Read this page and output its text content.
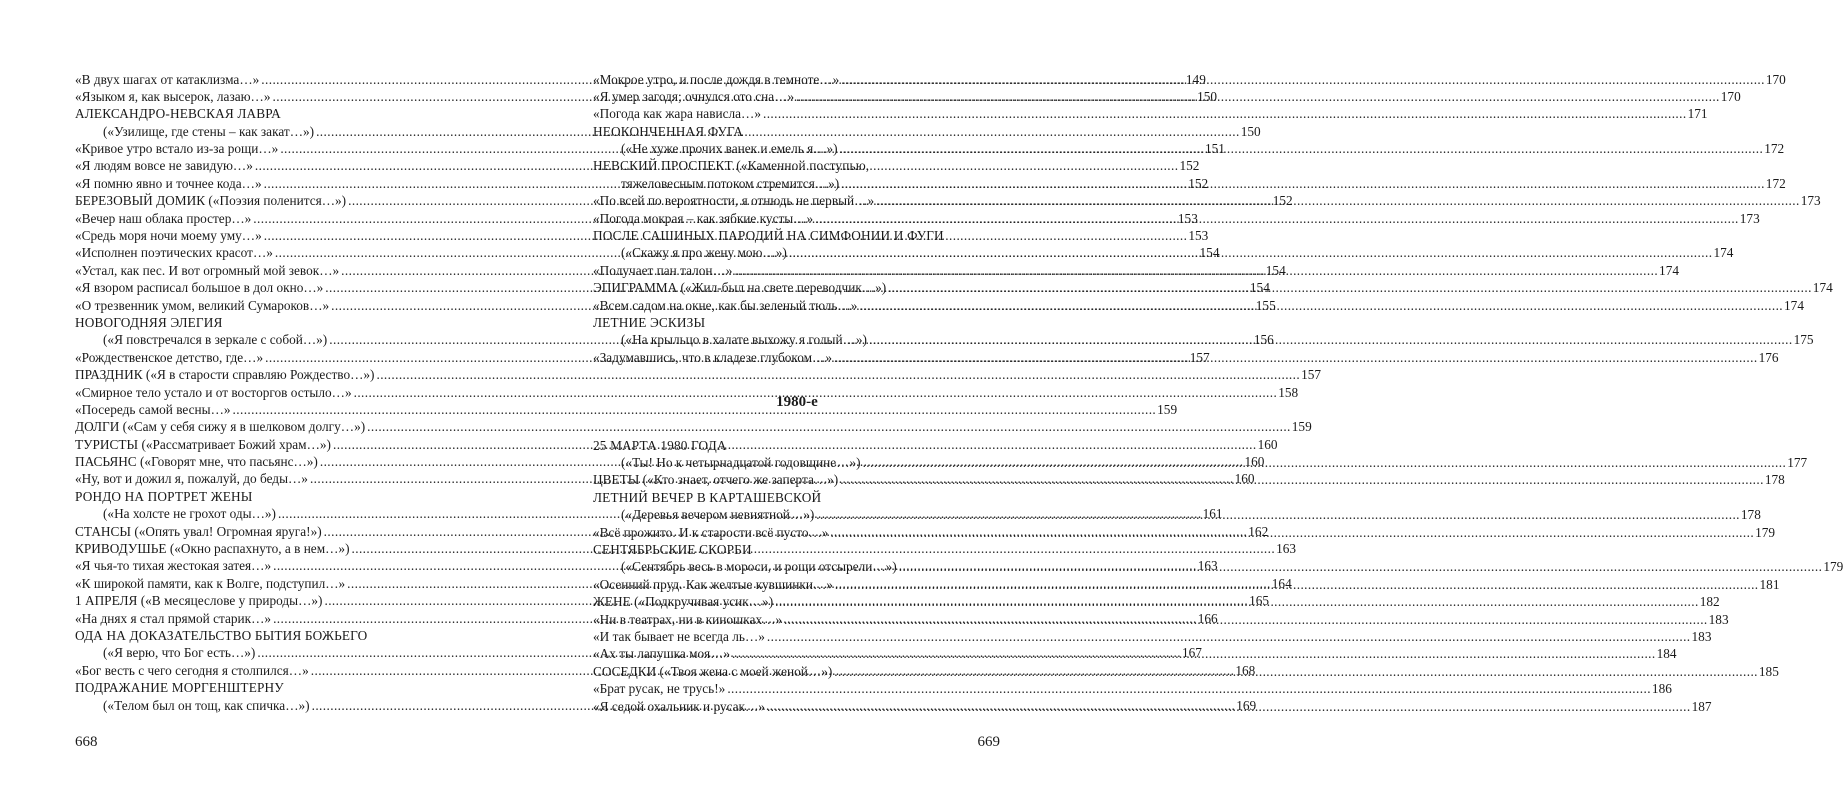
«В двух шагах от катаклизма…» .....	149
«Языком я, как высерок, лазаю…» .....	150
АЛЕКСАНДРО-НЕВСКАЯ ЛАВРА
(«Узилище, где стены – как закат…») .....	150
«Кривое утро встало из-за рощи…» .....	151
«Я людям вовсе не завидую…» .....	152
«Я помню явно и точнее кода…» .....	152
БЕРЕЗОВЫЙ ДОМИК («Поэзия поленится…») .....	152
«Вечер наш облака простер…» .....	153
«Средь моря ночи моему уму…» .....	153
«Исполнен поэтических красот…» .....	154
«Устал, как пес. И вот огромный мой зевок…» .....	154
«Я взором расписал большое в дол окно…» .....	154
«О трезвенник умом, великий Сумароков…» .....	155
НОВОГОДНЯЯ ЭЛЕГИЯ
(«Я повстречался в зеркале с собой…») .....	156
«Рождественское детство, где…» .....	157
ПРАЗДНИК («Я в старости справляю Рождество…») .....	157
«Смирное тело устало и от восторгов остыло…» .....	158
«Посередь самой весны…» .....	159
ДОЛГИ («Сам у себя сижу я в шелковом долгу…») .....	159
ТУРИСТЫ («Рассматривает Божий храм…») .....	160
ПАСЬЯНС («Говорят мне, что пасьянс…») .....	160
«Ну, вот и дожил я, пожалуй, до беды…» .....	160
РОНДО НА ПОРТРЕТ ЖЕНЫ
(«На холсте не грохот оды…») .....	161
СТАНСЫ («Опять увал! Огромная яруга!») .....	162
КРИВОДУШЬЕ («Окно распахнуто, а в нем…») .....	163
«Я чья-то тихая жестокая затея…» .....	163
«К широкой памяти, как к Волге, подступил…» .....	164
1 АПРЕЛЯ («В месяцеслове у природы…») .....	165
«На днях я стал прямой старик…» .....	166
ОДА НА ДОКАЗАТЕЛЬСТВО БЫТИЯ БОЖЬЕГО
(«Я верю, что Бог есть…») .....	167
«Бог весть с чего сегодня я столпился…» .....	168
ПОДРАЖАНИЕ МОРГЕНШТЕРНУ
(«Телом был он тощ, как спичка…») .....	169
668
«Мокрое утро, и после дождя в темноте…» .....	170
«Я умер загодя; очнулся ото сна…» .....	170
«Погода как жара нависла…» .....	171
НЕОКОНЧЕННАЯ ФУГА
(«Не хуже прочих ванек и емель я…») .....	172
НЕВСКИЙ ПРОСПЕКТ («Каменной поступью,
тяжеловесным потоком стремится…») .....	172
«По всей по вероятности, я отнюдь не первый…» .....	173
«Погода мокрая – как зябкие кусты…» .....	173
ПОСЛЕ САШИНЫХ ПАРОДИЙ НА СИМФОНИИ И ФУГИ
(«Скажу я про жену мою…») .....	174
«Получает пан талон…» .....	174
ЭПИГРАММА («Жил-был на свете переводчик…») .....	174
«Всем садом на окне, как бы зеленый тюль…» .....	174
ЛЕТНИЕ ЭСКИЗЫ
(«На крыльцо в халате выхожу я голый…») .....	175
«Задумавшись, что в кладезе глубоком…» .....	176
1980-е
25 МАРТА 1980 ГОДА
(«Ты! Но к четырнадцатой годовщине…») .....	177
ЦВЕТЫ («Кто знает, отчего же заперта…») .....	178
ЛЕТНИЙ ВЕЧЕР В КАРТАШЕВСКОЙ
(«Деревья вечером невнятной…») .....	178
«Всё прожито. И к старости всё пусто…» .....	179
СЕНТЯБРЬСКИЕ СКОРБИ
(«Сентябрь весь в мороси, и рощи отсырели…») .....	179
«Осенний пруд. Как желтые кувшинки…» .....	181
ЖЕНЕ («Подкручивая усик…») .....	182
«Ни в театрах, ни в киношках…» .....	183
«И так бывает не всегда ль…» .....	183
«Ах ты лапушка моя…» .....	184
СОСЕДКИ («Твоя жена с моей женой…») .....	185
«Брат русак, не трусь!» .....	186
«Я седой охальник и русак…» .....	187
669
